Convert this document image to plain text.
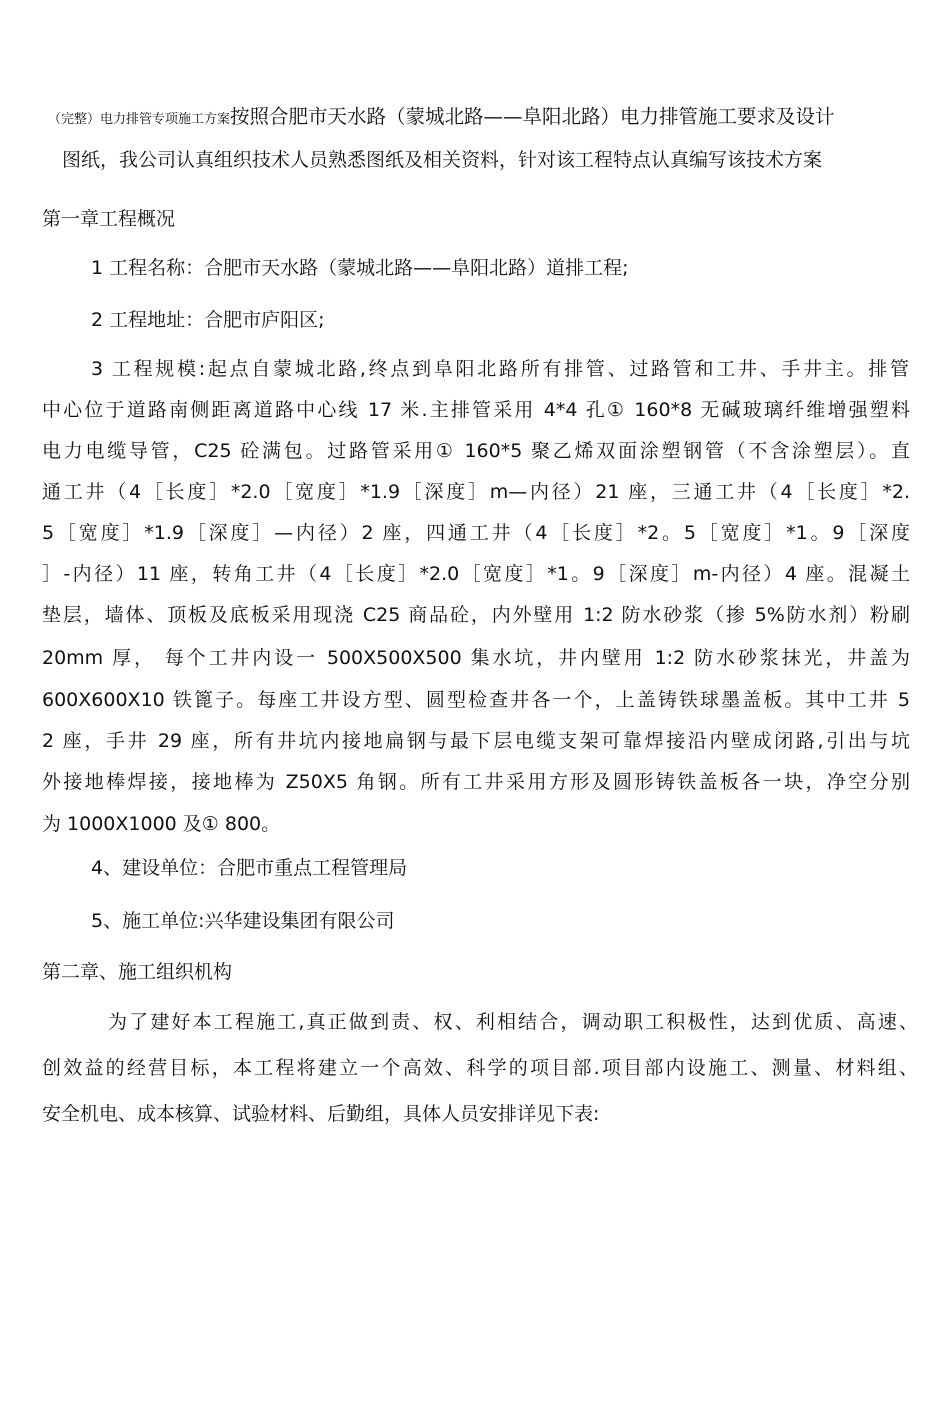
（完整）电力排管专项施工方案按照合肥市天水路（蒙城北路——阜阳北路）电力排管施工要求及设计
图纸，我公司认真组织技术人员熟悉图纸及相关资料，针对该工程特点认真编写该技术方案
第一章工程概况
1 工程名称：合肥市天水路（蒙城北路——阜阳北路）道排工程;
2 工程地址：合肥市庐阳区;
3 工程规模:起点自蒙城北路,终点到阜阳北路所有排管、过路管和工井、手井主。排管
中心位于道路南侧距离道路中心线 17 米.主排管采用 4*4 孔① 160*8 无碱玻璃纤维增强塑料
电力电缆导管，C25 砼满包。过路管采用① 160*5 聚乙烯双面涂塑钢管（不含涂塑层）。直
通工井（4［长度］*2.0［宽度］*1.9［深度］m—内径）21 座，三通工井（4［长度］*2.
5［宽度］*1.9［深度］—内径）2 座，四通工井（4［长度］*2。5［宽度］*1。9［深度
］-内径）11 座，转角工井（4［长度］*2.0［宽度］*1。9［深度］m-内径）4 座。混凝土
垫层，墙体、顶板及底板采用现浇 C25 商品砼，内外壁用 1:2 防水砂浆（掺 5%防水剂）粉刷
20mm 厚， 每个工井内设一 500X500X500 集水坑，井内壁用 1:2 防水砂浆抹光，井盖为
600X600X10 铁篦子。每座工井设方型、圆型检查井各一个，上盖铸铁球墨盖板。其中工井 5
2 座，手井 29 座，所有井坑内接地扁钢与最下层电缆支架可靠焊接沿内壁成闭路,引出与坑
外接地棒焊接，接地棒为 Z50X5 角钢。所有工井采用方形及圆形铸铁盖板各一块，净空分别
为 1000X1000 及① 800。
4、建设单位：合肥市重点工程管理局
5、施工单位:兴华建设集团有限公司
第二章、施工组织机构
为了建好本工程施工,真正做到责、权、利相结合，调动职工积极性，达到优质、高速、
创效益的经营目标，本工程将建立一个高效、科学的项目部.项目部内设施工、测量、材料组、
安全机电、成本核算、试验材料、后勤组，具体人员安排详见下表:
